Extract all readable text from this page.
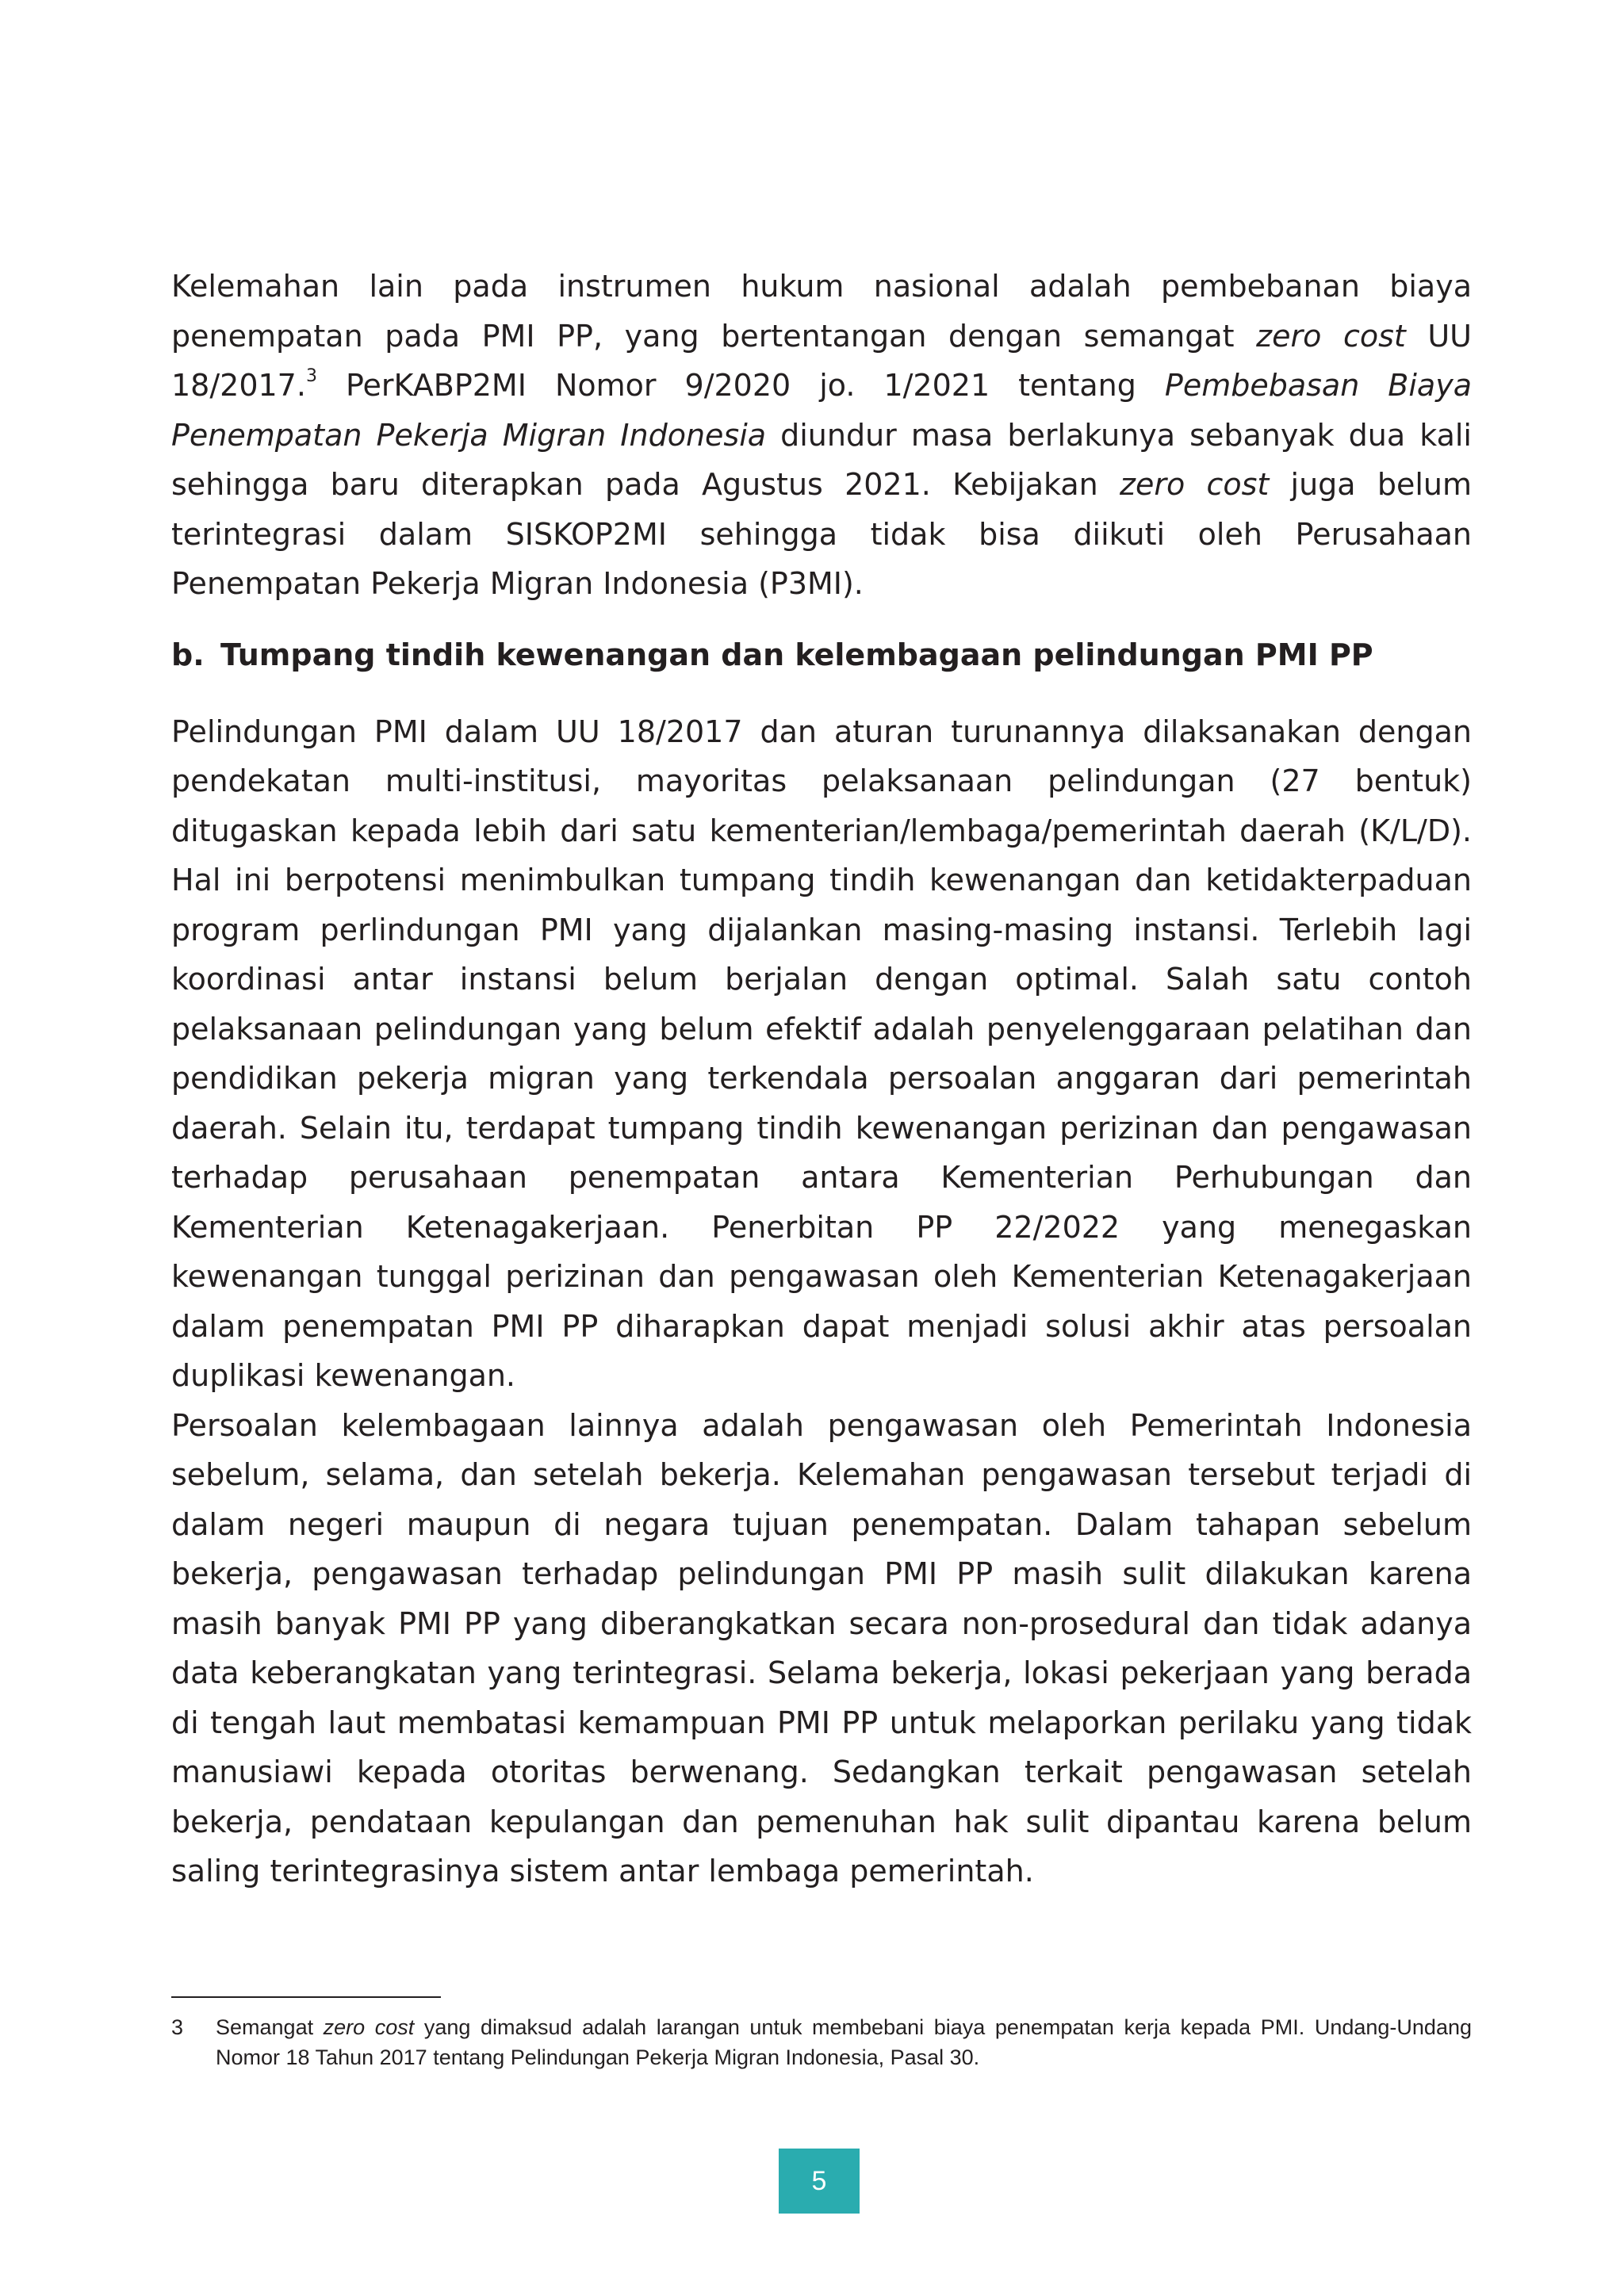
Kelemahan lain pada instrumen hukum nasional adalah pembebanan biaya penempatan pada PMI PP, yang bertentangan dengan semangat zero cost UU 18/2017.$^3$ PerKABP2MI Nomor 9/2020 jo. 1/2021 tentang Pembebasan Biaya Penempatan Pekerja Migran Indonesia diundur masa berlakunya sebanyak dua kali sehingga baru diterapkan pada Agustus 2021. Kebijakan zero cost juga belum terintegrasi dalam SISKOP2MI sehingga tidak bisa diikuti oleh Perusahaan Penempatan Pekerja Migran Indonesia (P3MI).

b. Tumpang tindih kewenangan dan kelembagaan pelindungan PMI PP

Pelindungan PMI dalam UU 18/2017 dan aturan turunannya dilaksanakan dengan pendekatan multi-institusi, mayoritas pelaksanaan pelindungan (27 bentuk) ditugaskan kepada lebih dari satu kementerian/lembaga/pemerintah daerah (K/L/D). Hal ini berpotensi menimbulkan tumpang tindih kewenangan dan ketidakterpaduan program perlindungan PMI yang dijalankan masing-masing instansi. Terlebih lagi koordinasi antar instansi belum berjalan dengan optimal. Salah satu contoh pelaksanaan pelindungan yang belum efektif adalah penyelenggaraan pelatihan dan pendidikan pekerja migran yang terkendala persoalan anggaran dari pemerintah daerah. Selain itu, terdapat tumpang tindih kewenangan perizinan dan pengawasan terhadap perusahaan penempatan antara Kementerian Perhubungan dan Kementerian Ketenagakerjaan. Penerbitan PP 22/2022 yang menegaskan kewenangan tunggal perizinan dan pengawasan oleh Kementerian Ketenagakerjaan dalam penempatan PMI PP diharapkan dapat menjadi solusi akhir atas persoalan duplikasi kewenangan.

Persoalan kelembagaan lainnya adalah pengawasan oleh Pemerintah Indonesia sebelum, selama, dan setelah bekerja. Kelemahan pengawasan tersebut terjadi di dalam negeri maupun di negara tujuan penempatan. Dalam tahapan sebelum bekerja, pengawasan terhadap pelindungan PMI PP masih sulit dilakukan karena masih banyak PMI PP yang diberangkatkan secara non-prosedural dan tidak adanya data keberangkatan yang terintegrasi. Selama bekerja, lokasi pekerjaan yang berada di tengah laut membatasi kemampuan PMI PP untuk melaporkan perilaku yang tidak manusiawi kepada otoritas berwenang. Sedangkan terkait pengawasan setelah bekerja, pendataan kepulangan dan pemenuhan hak sulit dipantau karena belum saling terintegrasinya sistem antar lembaga pemerintah.

3	Semangat zero cost yang dimaksud adalah larangan untuk membebani biaya penempatan kerja kepada PMI. Undang-Undang Nomor 18 Tahun 2017 tentang Pelindungan Pekerja Migran Indonesia, Pasal 30.
5
